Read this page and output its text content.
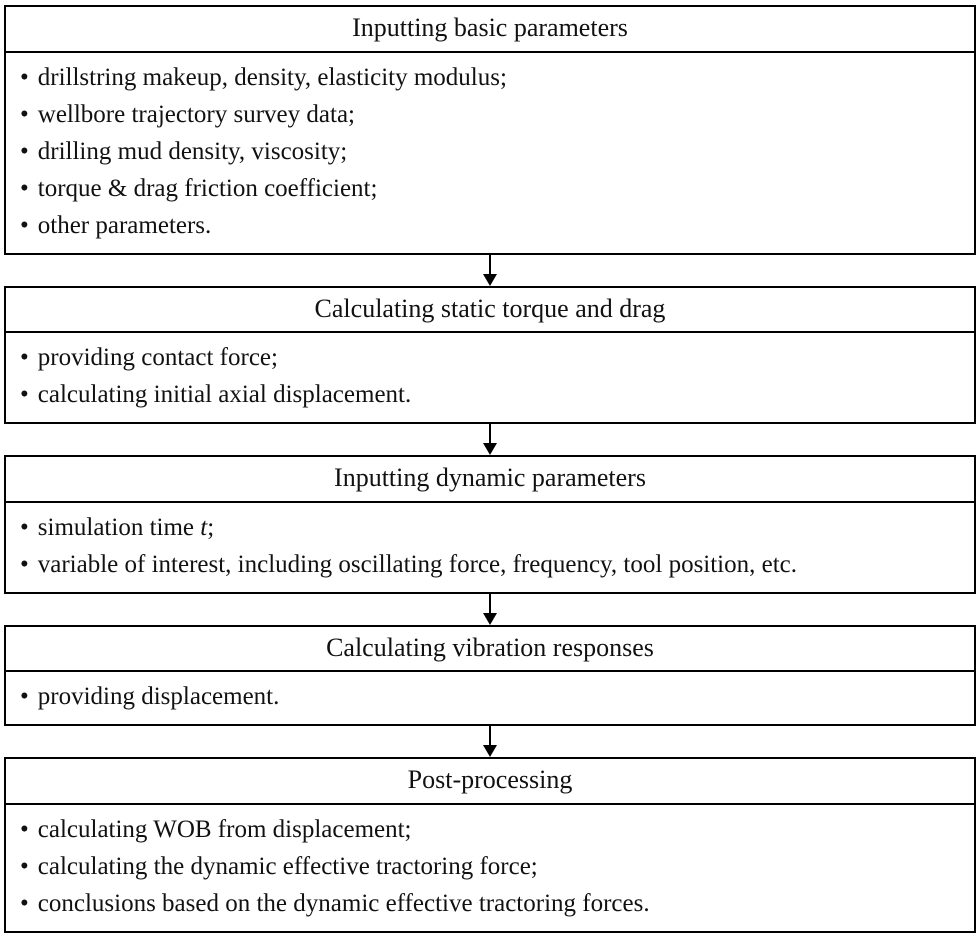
Inputting basic parameters
• drillstring makeup, density, elasticity modulus;
• wellbore trajectory survey data;
• drilling mud density, viscosity;
• torque & drag friction coefficient;
• other parameters.
Calculating static torque and drag
• providing contact force;
• calculating initial axial displacement.
Inputting dynamic parameters
• simulation time t;
• variable of interest, including oscillating force, frequency, tool position, etc.
Calculating vibration responses
• providing displacement.
Post-processing
• calculating WOB from displacement;
• calculating the dynamic effective tractoring force;
• conclusions based on the dynamic effective tractoring forces.
